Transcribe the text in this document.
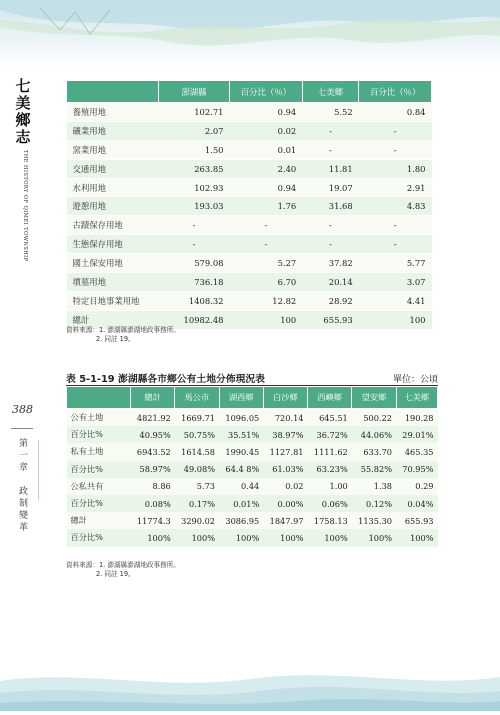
七
美
鄉
志
THE HISTORY OF QIMEI TOWNSHIP
388
第一章　政制變革
	澎湖縣	百分比（％）	七美鄉	百分比（％）
養殖用地	102.71	0.94	5.52	0.84
礦業用地	2.07	0.02	-	-
窯業用地	1.50	0.01	-	-
交通用地	263.85	2.40	11.81	1.80
水利用地	102.93	0.94	19.07	2.91
遊憩用地	193.03	1.76	31.68	4.83
古蹟保存用地	-	-	-	-
生態保存用地	-	-	-	-
國土保安用地	579.08	5.27	37.82	5.77
墳墓用地	736.18	6.70	20.14	3.07
特定目地事業用地	1408.32	12.82	28.92	4.41
總計	10982.48	100	655.93	100
資料來源：1. 澎湖縣澎湖地政事務所。
2. 同註 19。
表 5-1-19 澎湖縣各市鄉公有土地分佈現況表	單位：公頃
	總計	馬公市	湖西鄉	白沙鄉	西嶼鄉	望安鄉	七美鄉
公有土地	4821.92	1669.71	1096.05	720.14	645.51	500.22	190.28
百分比%	40.95%	50.75%	35.51%	38.97%	36.72%	44.06%	29.01%
私有土地	6943.52	1614.58	1990.45	1127.81	1111.62	633.70	465.35
百分比%	58.97%	49.08%	64.4 8%	61.03%	63.23%	55.82%	70.95%
公私共有	8.86	5.73	0.44	0.02	1.00	1.38	0.29
百分比%	0.08%	0.17%	0.01%	0.00%	0.06%	0.12%	0.04%
總計	11774.3	3290.02	3086.95	1847.97	1758.13	1135.30	655.93
百分比%	100%	100%	100%	100%	100%	100%	100%
資料來源：1. 澎湖縣澎湖地政事務所。
2. 同註 19。
